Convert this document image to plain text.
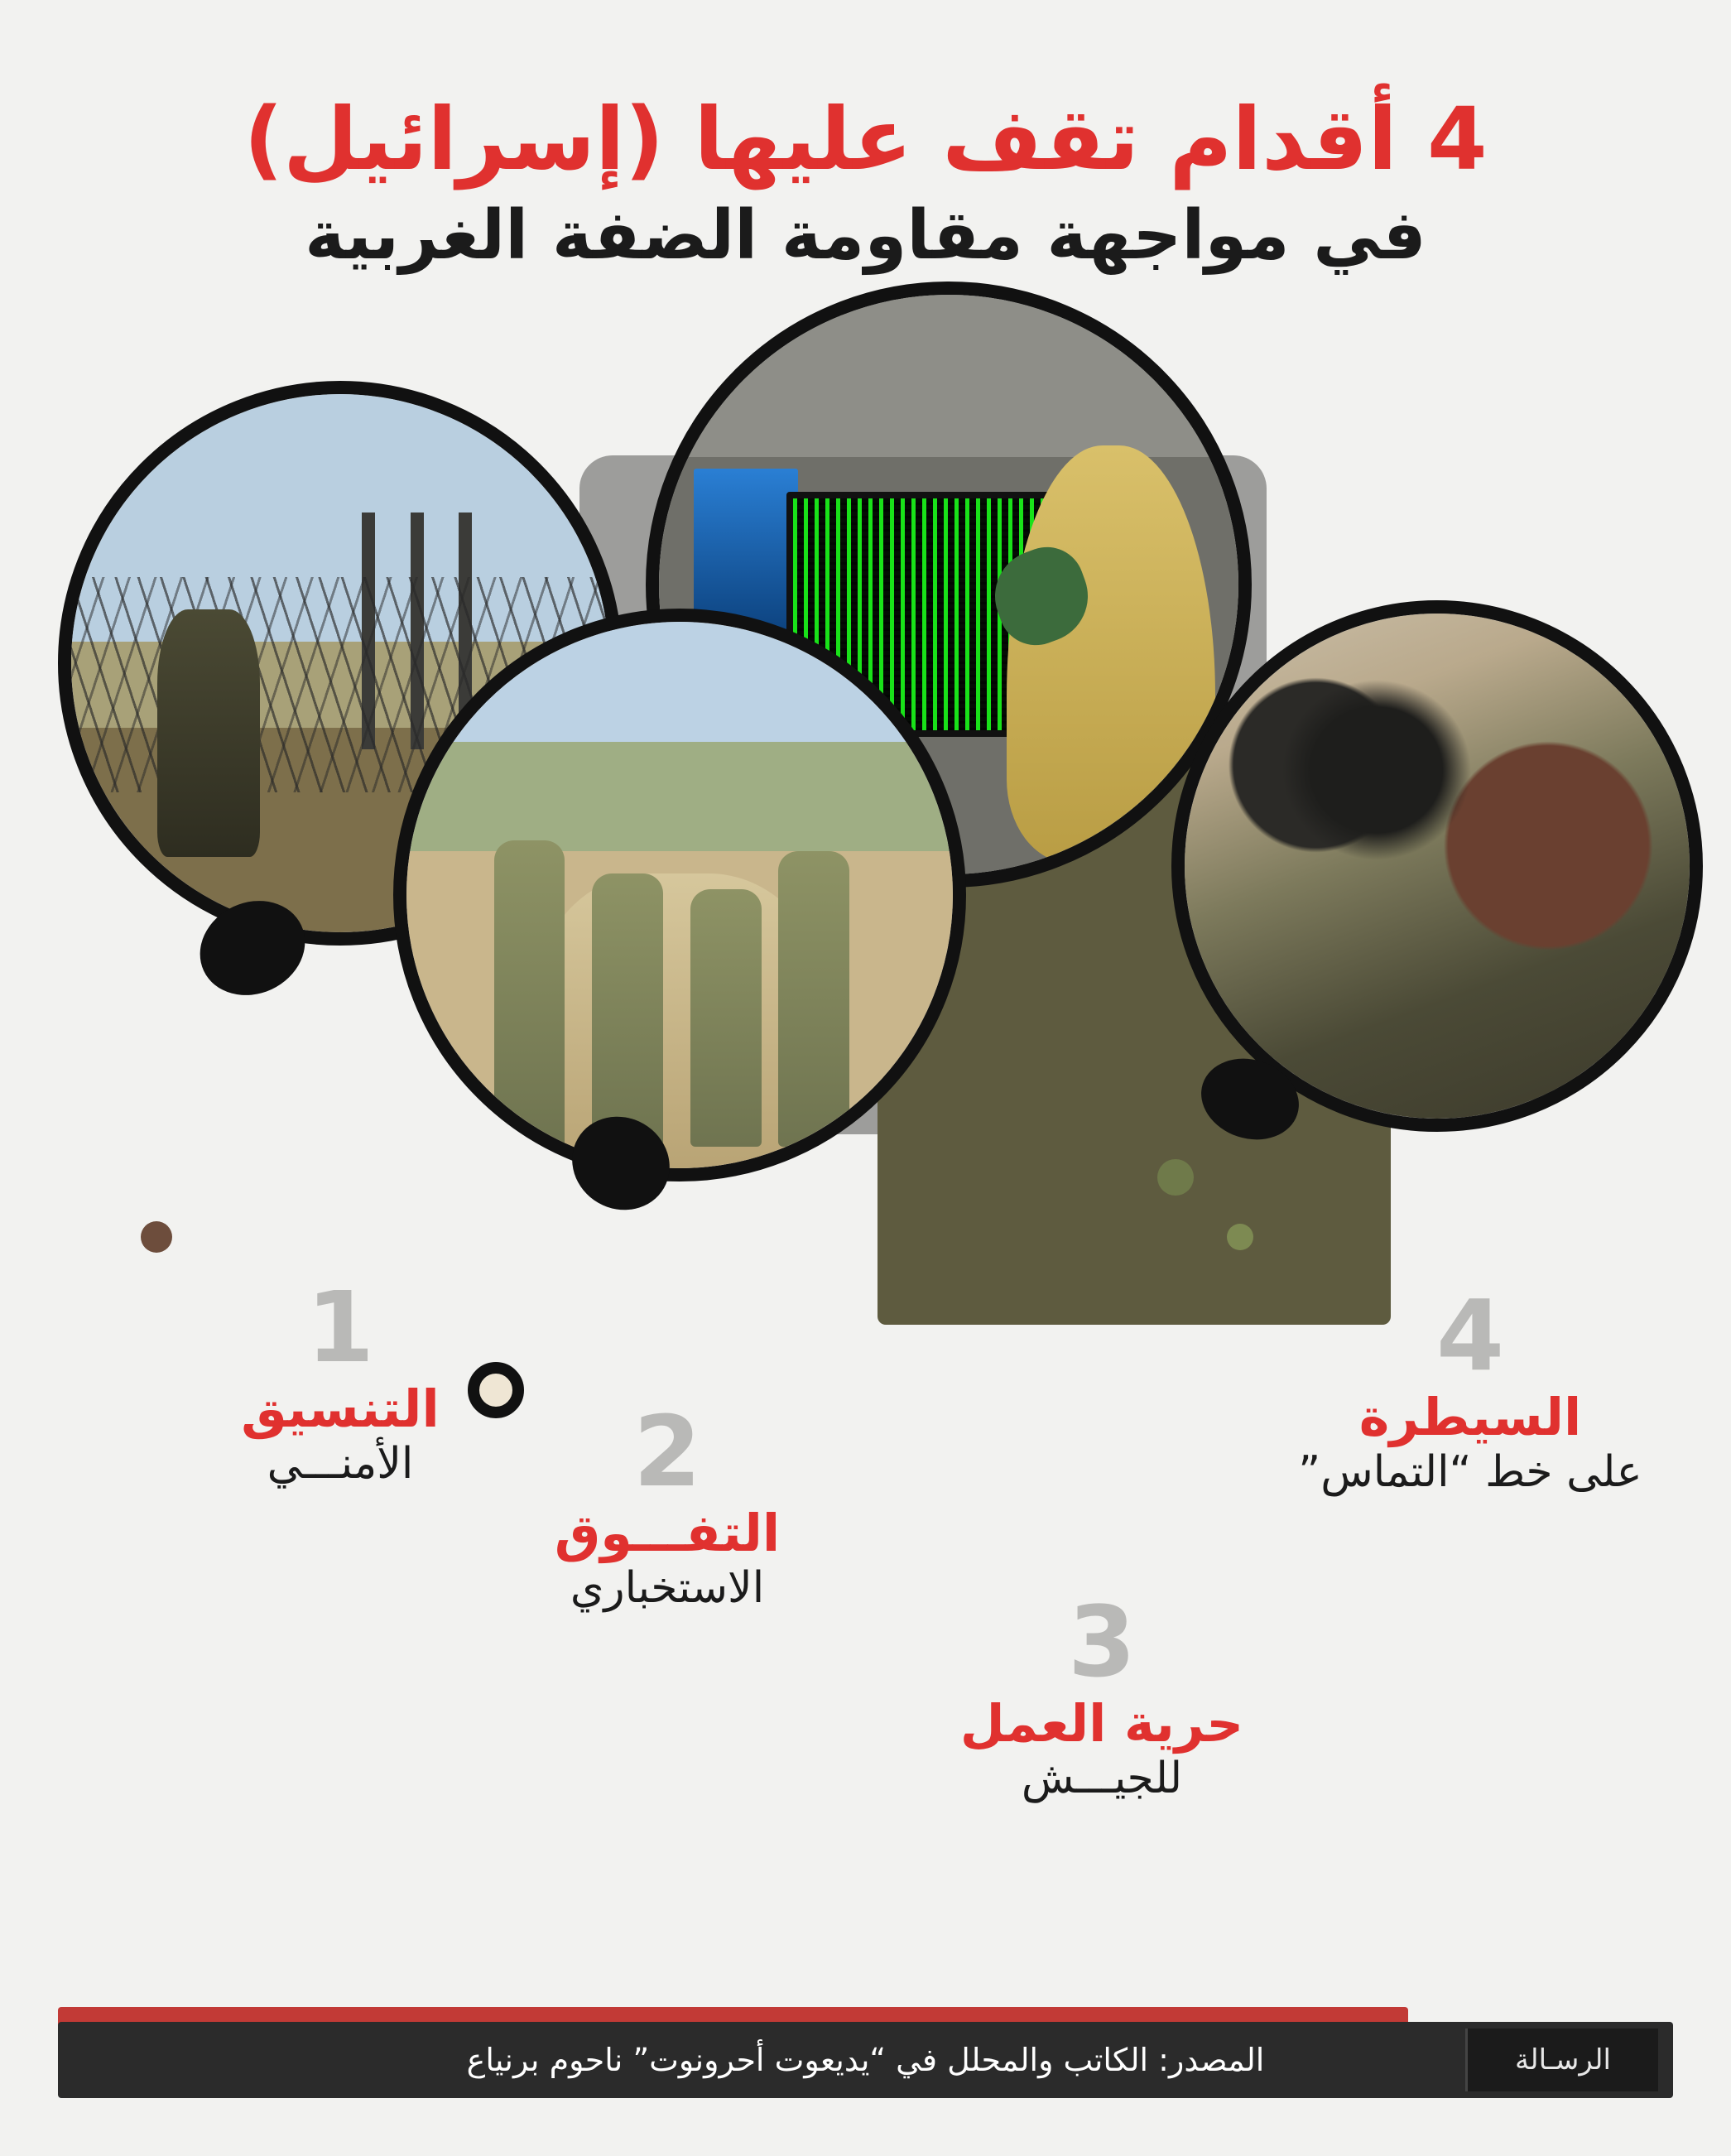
4 أقدام تقف عليها (إسرائيل)
في مواجهة مقاومة الضفة الغربية
1
التنسيق
الأمنـــي	2
التفـــوق
الاستخباري	3
حرية العمل
للجيـــش
4
السيطرة
على خط “التماس”
المصدر: الكاتب والمحلل في “يديعوت أحرونوت” ناحوم برنياع	الرسـالة
